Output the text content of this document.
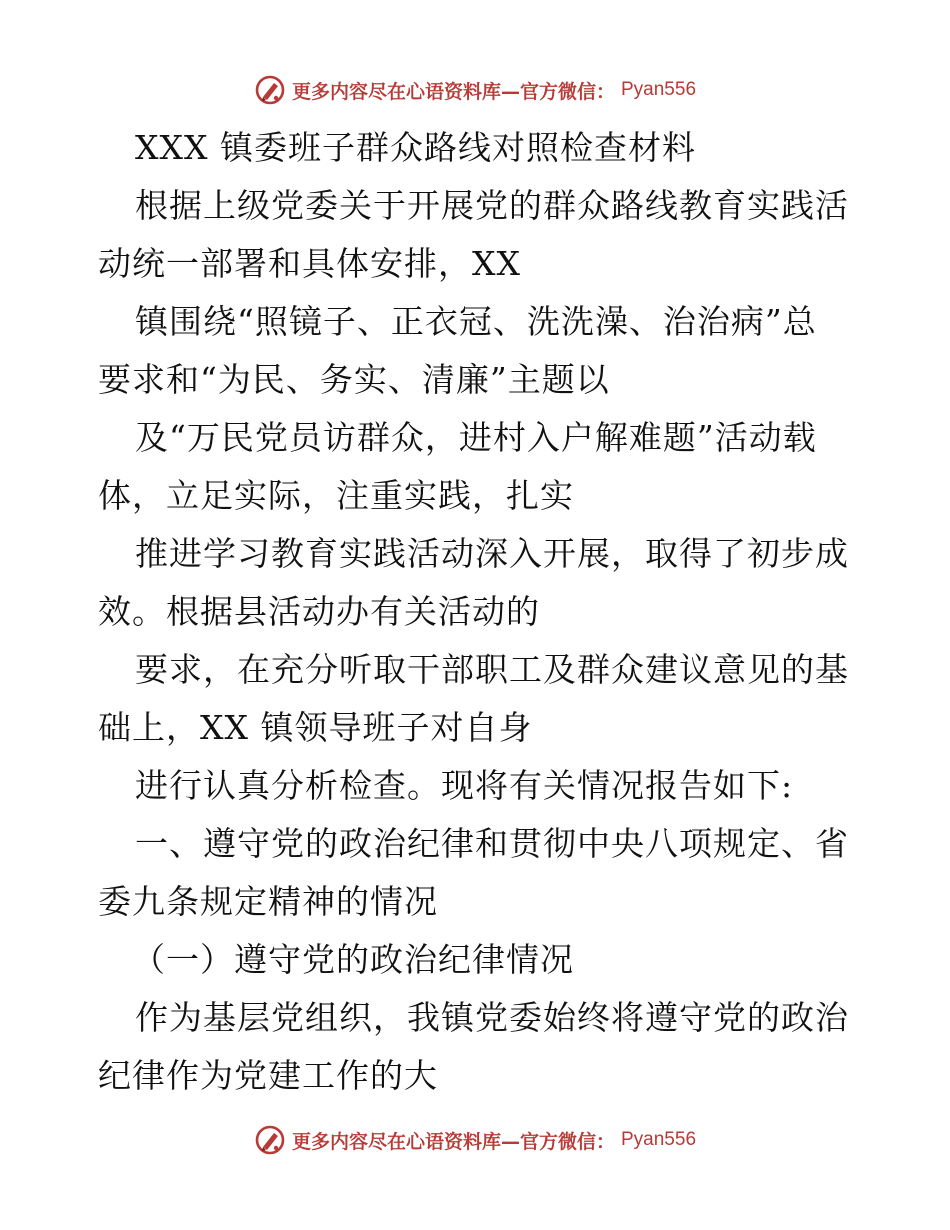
更多内容尽在心语资料库—官方微信： Pyan556
XXX 镇委班子群众路线对照检查材料
根据上级党委关于开展党的群众路线教育实践活
动统一部署和具体安排，XX
镇围绕“照镜子、正衣冠、洗洗澡、治治病”总
要求和“为民、务实、清廉”主题以
及“万民党员访群众，进村入户解难题”活动载
体，立足实际，注重实践，扎实
推进学习教育实践活动深入开展，取得了初步成
效。根据县活动办有关活动的
要求，在充分听取干部职工及群众建议意见的基
础上，XX 镇领导班子对自身
进行认真分析检查。现将有关情况报告如下:
一、遵守党的政治纪律和贯彻中央八项规定、省
委九条规定精神的情况
（一）遵守党的政治纪律情况
作为基层党组织，我镇党委始终将遵守党的政治
纪律作为党建工作的大
更多内容尽在心语资料库—官方微信： Pyan556
